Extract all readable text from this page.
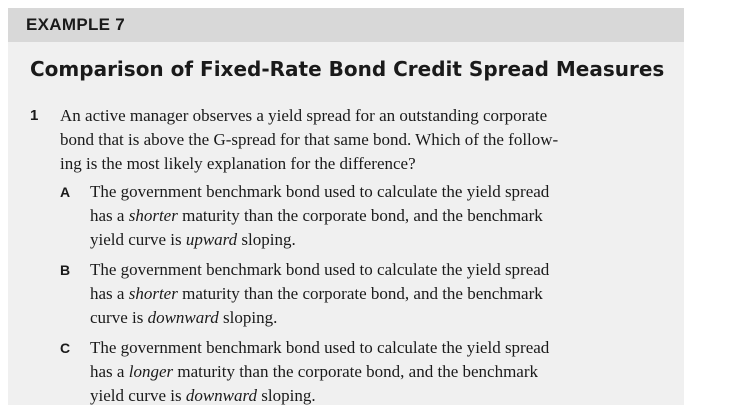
EXAMPLE 7
Comparison of Fixed-Rate Bond Credit Spread Measures
1	An active manager observes a yield spread for an outstanding corporate
bond that is above the G-spread for that same bond. Which of the follow-
ing is the most likely explanation for the difference?
A	The government benchmark bond used to calculate the yield spread
has a shorter maturity than the corporate bond, and the benchmark
yield curve is upward sloping.
B	The government benchmark bond used to calculate the yield spread
has a shorter maturity than the corporate bond, and the benchmark
curve is downward sloping.
C	The government benchmark bond used to calculate the yield spread
has a longer maturity than the corporate bond, and the benchmark
yield curve is downward sloping.
